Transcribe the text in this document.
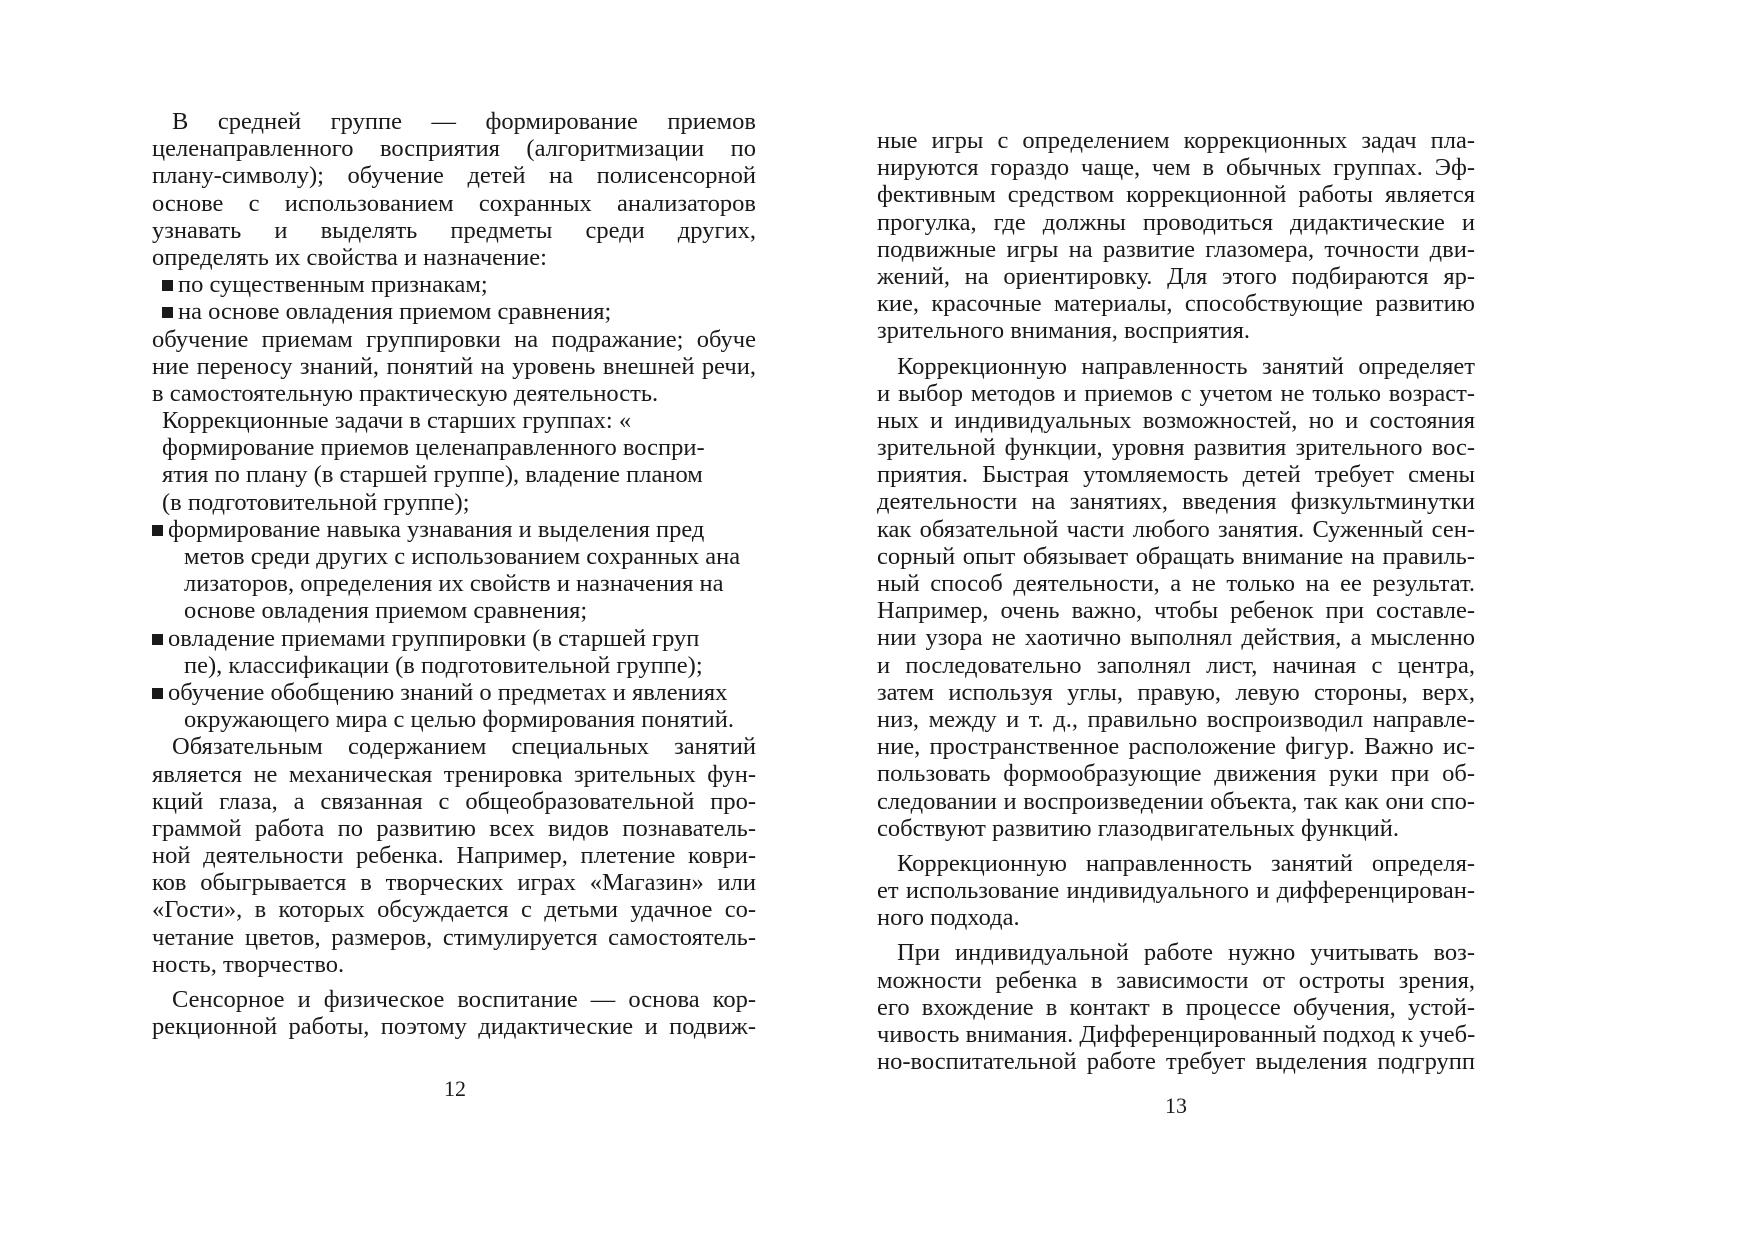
В средней группе — формирование приемов
целенаправленного восприятия (алгоритмизации по
плану-символу); обучение детей на полисенсорной
основе с использованием сохранных анализаторов
узнавать и выделять предметы среди других,
определять их свойства и назначение:
по существенным признакам;
на основе овладения приемом сравнения;
обучение приемам группировки на подражание; обуче
ние переносу знаний, понятий на уровень внешней речи,
в самостоятельную практическую деятельность.
Коррекционные задачи в старших группах: «
формирование приемов целенаправленного воспри-
ятия по плану (в старшей группе), владение планом
(в подготовительной группе);
формирование навыка узнавания и выделения пред
метов среди других с использованием сохранных ана
лизаторов, определения их свойств и назначения на
основе овладения приемом сравнения;
овладение приемами группировки (в старшей груп
пе), классификации (в подготовительной группе);
обучение обобщению знаний о предметах и явлениях
окружающего мира с целью формирования понятий.
Обязательным содержанием специальных занятий
является не механическая тренировка зрительных фун-
кций глаза, а связанная с общеобразовательной про-
граммой работа по развитию всех видов познаватель-
ной деятельности ребенка. Например, плетение коври-
ков обыгрывается в творческих играх «Магазин» или
«Гости», в которых обсуждается с детьми удачное со-
четание цветов, размеров, стимулируется самостоятель-
ность, творчество.
Сенсорное и физическое воспитание — основа кор-
рекционной работы, поэтому дидактические и подвиж-
12
ные игры с определением коррекционных задач пла-
нируются гораздо чаще, чем в обычных группах. Эф-
фективным средством коррекционной работы является
прогулка, где должны проводиться дидактические и
подвижные игры на развитие глазомера, точности дви-
жений, на ориентировку. Для этого подбираются яр-
кие, красочные материалы, способствующие развитию
зрительного внимания, восприятия.
Коррекционную направленность занятий определяет
и выбор методов и приемов с учетом не только возраст-
ных и индивидуальных возможностей, но и состояния
зрительной функции, уровня развития зрительного вос-
приятия. Быстрая утомляемость детей требует смены
деятельности на занятиях, введения физкультминутки
как обязательной части любого занятия. Суженный сен-
сорный опыт обязывает обращать внимание на правиль-
ный способ деятельности, а не только на ее результат.
Например, очень важно, чтобы ребенок при составле-
нии узора не хаотично выполнял действия, а мысленно
и последовательно заполнял лист, начиная с центра,
затем используя углы, правую, левую стороны, верх,
низ, между и т. д., правильно воспроизводил направле-
ние, пространственное расположение фигур. Важно ис-
пользовать формообразующие движения руки при об-
следовании и воспроизведении объекта, так как они спо-
собствуют развитию глазодвигательных функций.
Коррекционную направленность занятий определя-
ет использование индивидуального и дифференцирован-
ного подхода.
При индивидуальной работе нужно учитывать воз-
можности ребенка в зависимости от остроты зрения,
его вхождение в контакт в процессе обучения, устой-
чивость внимания. Дифференцированный подход к учеб-
но-воспитательной работе требует выделения подгрупп
13
